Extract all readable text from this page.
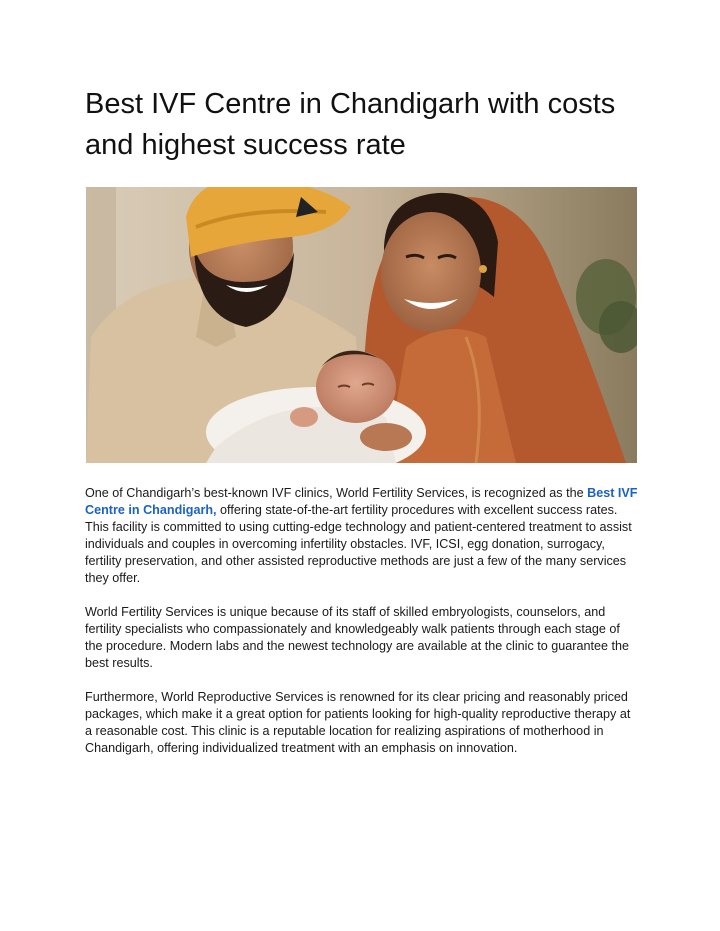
Best IVF Centre in Chandigarh with costs and highest success rate

One of Chandigarh’s best-known IVF clinics, World Fertility Services, is recognized as the Best IVF Centre in Chandigarh, offering state-of-the-art fertility procedures with excellent success rates. This facility is committed to using cutting-edge technology and patient-centered treatment to assist individuals and couples in overcoming infertility obstacles. IVF, ICSI, egg donation, surrogacy, fertility preservation, and other assisted reproductive methods are just a few of the many services they offer.

World Fertility Services is unique because of its staff of skilled embryologists, counselors, and fertility specialists who compassionately and knowledgeably walk patients through each stage of the procedure. Modern labs and the newest technology are available at the clinic to guarantee the best results.

Furthermore, World Reproductive Services is renowned for its clear pricing and reasonably priced packages, which make it a great option for patients looking for high-quality reproductive therapy at a reasonable cost. This clinic is a reputable location for realizing aspirations of motherhood in Chandigarh, offering individualized treatment with an emphasis on innovation.
